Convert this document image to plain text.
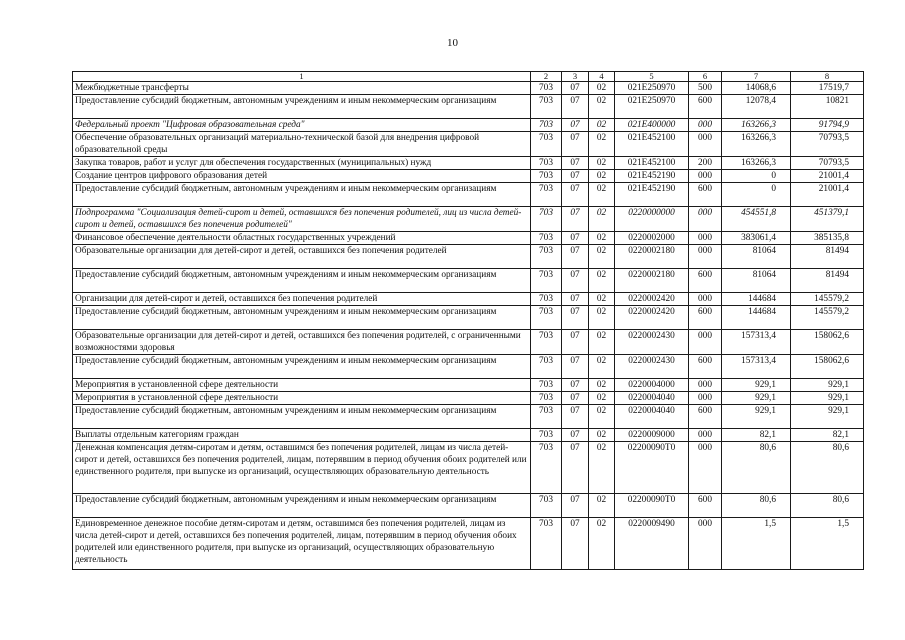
10
1	2	3	4	5	6	7	8
Межбюджетные трансферты	703	07	02	021E250970	500	14068,6	17519,7
Предоставление субсидий бюджетным, автономным учреждениям и иным некоммерческим организациям	703	07	02	021E250970	600	12078,4	10821
Федеральный проект "Цифровая образовательная среда"	703	07	02	021E400000	000	163266,3	91794,9
Обеспечение образовательных организаций материально-технической базой для внедрения цифровой образовательной среды	703	07	02	021E452100	000	163266,3	70793,5
Закупка товаров, работ и услуг для обеспечения государственных (муниципальных) нужд	703	07	02	021E452100	200	163266,3	70793,5
Создание центров цифрового образования детей	703	07	02	021E452190	000	0	21001,4
Предоставление субсидий бюджетным, автономным учреждениям и иным некоммерческим организациям	703	07	02	021E452190	600	0	21001,4
Подпрограмма "Социализация детей-сирот и детей, оставшихся без попечения родителей, лиц из числа детей-сирот и детей, оставшихся без попечения родителей"	703	07	02	0220000000	000	454551,8	451379,1
Финансовое обеспечение деятельности областных государственных учреждений	703	07	02	0220002000	000	383061,4	385135,8
Образовательные организации для детей-сирот и детей, оставшихся без попечения родителей	703	07	02	0220002180	000	81064	81494
Предоставление субсидий бюджетным, автономным учреждениям и иным некоммерческим организациям	703	07	02	0220002180	600	81064	81494
Организации для детей-сирот и детей, оставшихся без попечения родителей	703	07	02	0220002420	000	144684	145579,2
Предоставление субсидий бюджетным, автономным учреждениям и иным некоммерческим организациям	703	07	02	0220002420	600	144684	145579,2
Образовательные организации для детей-сирот и детей, оставшихся без попечения родителей, с ограниченными возможностями здоровья	703	07	02	0220002430	000	157313,4	158062,6
Предоставление субсидий бюджетным, автономным учреждениям и иным некоммерческим организациям	703	07	02	0220002430	600	157313,4	158062,6
Мероприятия в установленной сфере деятельности	703	07	02	0220004000	000	929,1	929,1
Мероприятия в установленной сфере деятельности	703	07	02	0220004040	000	929,1	929,1
Предоставление субсидий бюджетным, автономным учреждениям и иным некоммерческим организациям	703	07	02	0220004040	600	929,1	929,1
Выплаты отдельным категориям граждан	703	07	02	0220009000	000	82,1	82,1
Денежная компенсация детям-сиротам и детям, оставшимся без попечения родителей, лицам из числа детей-сирот и детей, оставшихся без попечения родителей, лицам, потерявшим в период обучения обоих родителей или единственного родителя, при выпуске из организаций, осуществляющих образовательную деятельность	703	07	02	02200090T0	000	80,6	80,6
Предоставление субсидий бюджетным, автономным учреждениям и иным некоммерческим организациям	703	07	02	02200090T0	600	80,6	80,6
Единовременное денежное пособие детям-сиротам и детям, оставшимся без попечения родителей, лицам из числа детей-сирот и детей, оставшихся без попечения родителей, лицам, потерявшим в период обучения обоих родителей или единственного родителя, при выпуске из организаций, осуществляющих образовательную деятельность	703	07	02	0220009490	000	1,5	1,5
